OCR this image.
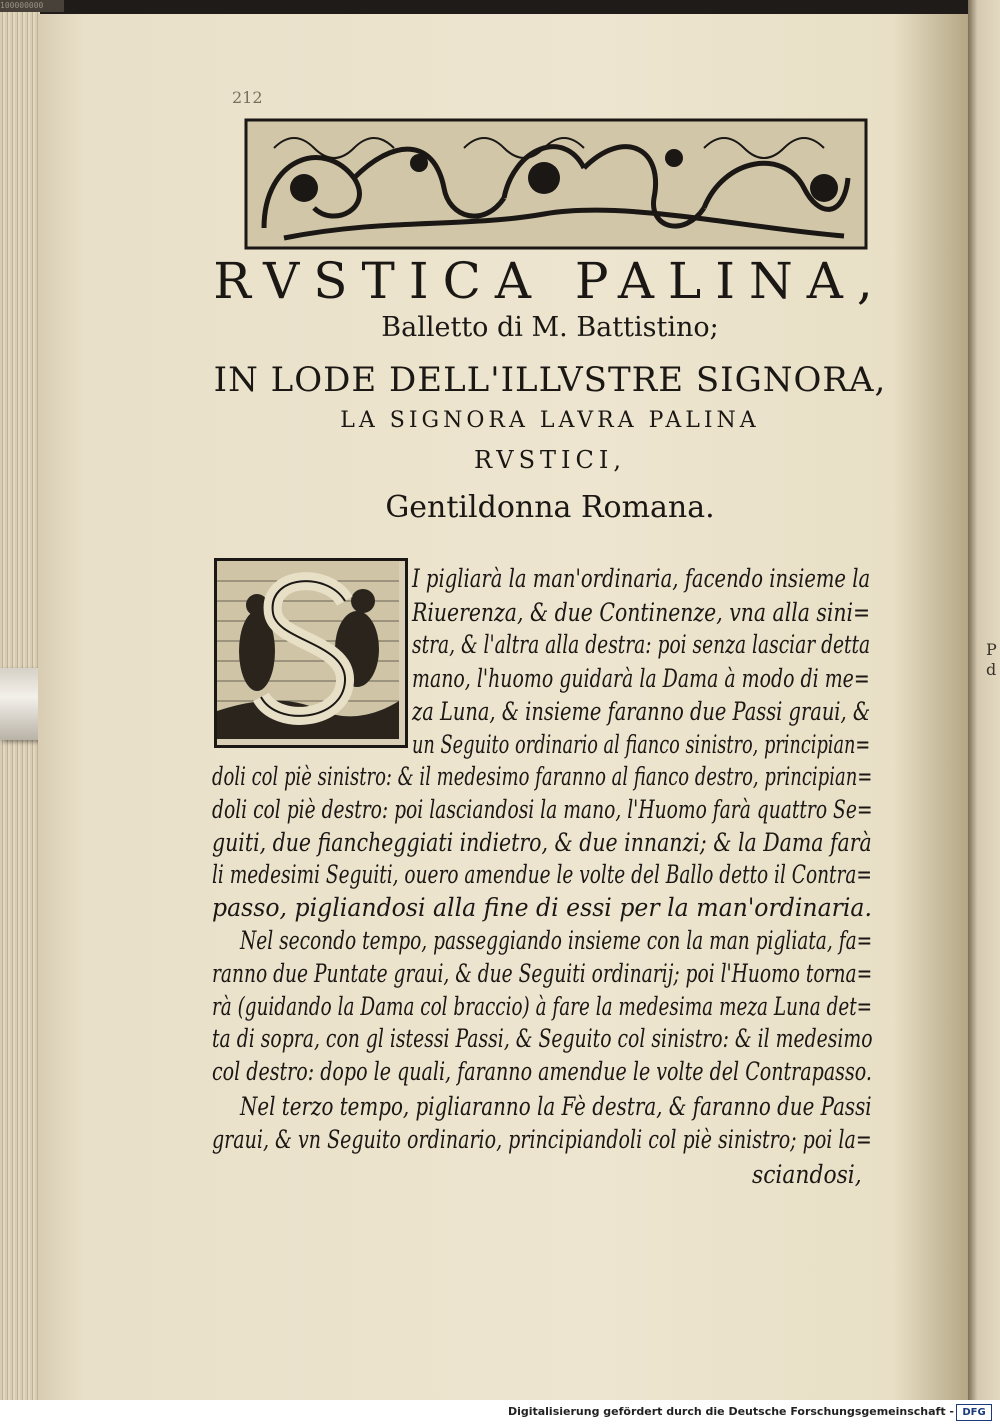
100000000
P
d
212
RVSTICA PALINA,
Balletto di M. Battistino;
IN LODE DELL'ILLVSTRE SIGNORA,
LA SIGNORA LAVRA PALINA
RVSTICI,
Gentildonna Romana.
I pigliarà la man'ordinaria, facendo insieme la
Riuerenza, & due Continenze, vna alla sini=
stra, & l'altra alla destra: poi senza lasciar detta
mano, l'huomo guidarà la Dama à modo di me=
za Luna, & insieme faranno due Passi graui, &
un Seguito ordinario al fianco sinistro, principian=
doli col piè sinistro: & il medesimo faranno al fianco destro, principian=
doli col piè destro: poi lasciandosi la mano, l'Huomo farà quattro Se=
guiti, due fiancheggiati indietro, & due innanzi; & la Dama farà
li medesimi Seguiti, ouero amendue le volte del Ballo detto il Contra=
passo, pigliandosi alla fine di essi per la man'ordinaria.
Nel secondo tempo, passeggiando insieme con la man pigliata, fa=
ranno due Puntate graui, & due Seguiti ordinarij; poi l'Huomo torna=
rà (guidando la Dama col braccio) à fare la medesima meza Luna det=
ta di sopra, con gl istessi Passi, & Seguito col sinistro: & il medesimo
col destro: dopo le quali, faranno amendue le volte del Contrapasso.
Nel terzo tempo, pigliaranno la Fè destra, & faranno due Passi
graui, & vn Seguito ordinario, principiandoli col piè sinistro; poi la=
sciandosi,
Digitalisierung gefördert durch die Deutsche Forschungsgemeinschaft - DFG
